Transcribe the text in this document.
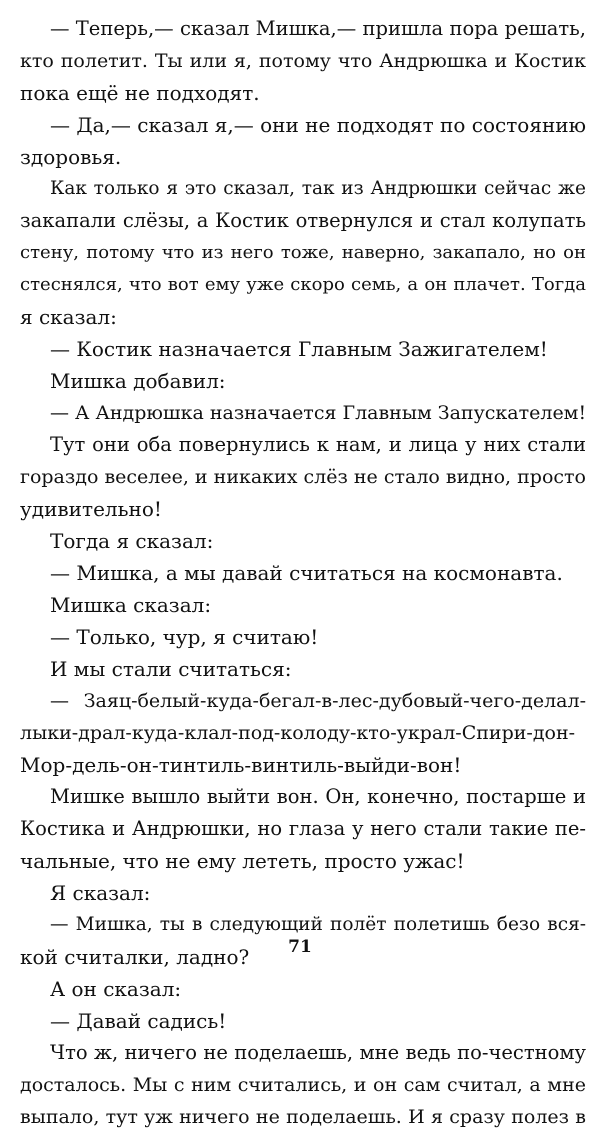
— Теперь,— сказал Мишка,— пришла пора решать,
кто полетит. Ты или я, потому что Андрюшка и Костик
пока ещё не подходят.
— Да,— сказал я,— они не подходят по состоянию
здоровья.
Как только я это сказал, так из Андрюшки сейчас же
закапали слёзы, а Костик отвернулся и стал колупать
стену, потому что из него тоже, наверно, закапало, но он
стеснялся, что вот ему уже скоро семь, а он плачет. Тогда
я сказал:
— Костик назначается Главным Зажигателем!
Мишка добавил:
— А Андрюшка назначается Главным Запускателем!
Тут они оба повернулись к нам, и лица у них стали
гораздо веселее, и никаких слёз не стало видно, просто
удивительно!
Тогда я сказал:
— Мишка, а мы давай считаться на космонавта.
Мишка сказал:
— Только, чур, я считаю!
И мы стали считаться:
— Заяц-белый-куда-бегал-в-лес-дубовый-чего-делал-
лыки-драл-куда-клал-под-колоду-кто-украл-Спири-дон-
Мор-дель-он-тинтиль-винтиль-выйди-вон!
Мишке вышло выйти вон. Он, конечно, постарше и
Костика и Андрюшки, но глаза у него стали такие пе-
чальные, что не ему лететь, просто ужас!
Я сказал:
— Мишка, ты в следующий полёт полетишь безо вся-
кой считалки, ладно?
А он сказал:
— Давай садись!
Что ж, ничего не поделаешь, мне ведь по-честному
досталось. Мы с ним считались, и он сам считал, а мне
выпало, тут уж ничего не поделаешь. И я сразу полез в
71
